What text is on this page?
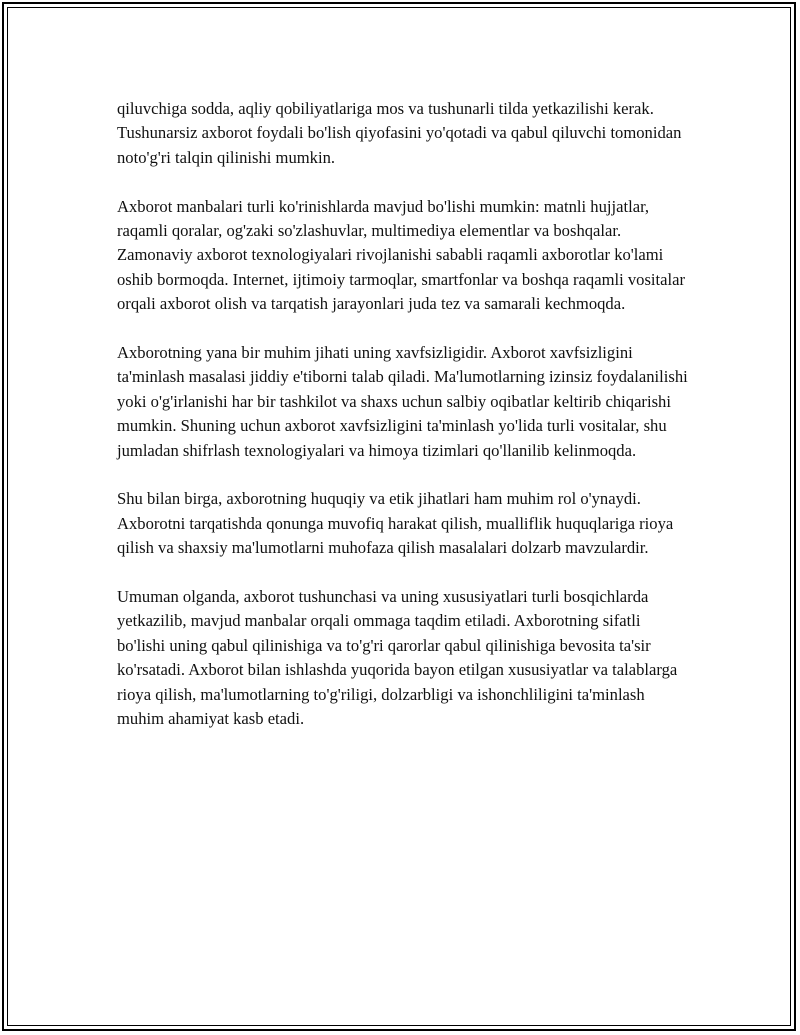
qiluvchiga sodda, aqliy qobiliyatlariga mos va tushunarli tilda yetkazilishi kerak. Tushunarsiz axborot foydali bo'lish qiyofasini yo'qotadi va qabul qiluvchi tomonidan noto'g'ri talqin qilinishi mumkin.

Axborot manbalari turli ko'rinishlarda mavjud bo'lishi mumkin: matnli hujjatlar, raqamli qoralar, og'zaki so'zlashuvlar, multimediya elementlar va boshqalar. Zamonaviy axborot texnologiyalari rivojlanishi sababli raqamli axborotlar ko'lami oshib bormoqda. Internet, ijtimoiy tarmoqlar, smartfonlar va boshqa raqamli vositalar orqali axborot olish va tarqatish jarayonlari juda tez va samarali kechmoqda.

Axborotning yana bir muhim jihati uning xavfsizligidir. Axborot xavfsizligini ta'minlash masalasi jiddiy e'tiborni talab qiladi. Ma'lumotlarning izinsiz foydalanilishi yoki o'g'irlanishi har bir tashkilot va shaxs uchun salbiy oqibatlar keltirib chiqarishi mumkin. Shuning uchun axborot xavfsizligini ta'minlash yo'lida turli vositalar, shu jumladan shifrlash texnologiyalari va himoya tizimlari qo'llanilib kelinmoqda.

Shu bilan birga, axborotning huquqiy va etik jihatlari ham muhim rol o'ynaydi. Axborotni tarqatishda qonunga muvofiq harakat qilish, mualliflik huquqlariga rioya qilish va shaxsiy ma'lumotlarni muhofaza qilish masalalari dolzarb mavzulardir.

Umuman olganda, axborot tushunchasi va uning xususiyatlari turli bosqichlarda yetkazilib, mavjud manbalar orqali ommaga taqdim etiladi. Axborotning sifatli bo'lishi uning qabul qilinishiga va to'g'ri qarorlar qabul qilinishiga bevosita ta'sir ko'rsatadi. Axborot bilan ishlashda yuqorida bayon etilgan xususiyatlar va talablarga rioya qilish, ma'lumotlarning to'g'riligi, dolzarbligi va ishonchliligini ta'minlash muhim ahamiyat kasb etadi.
